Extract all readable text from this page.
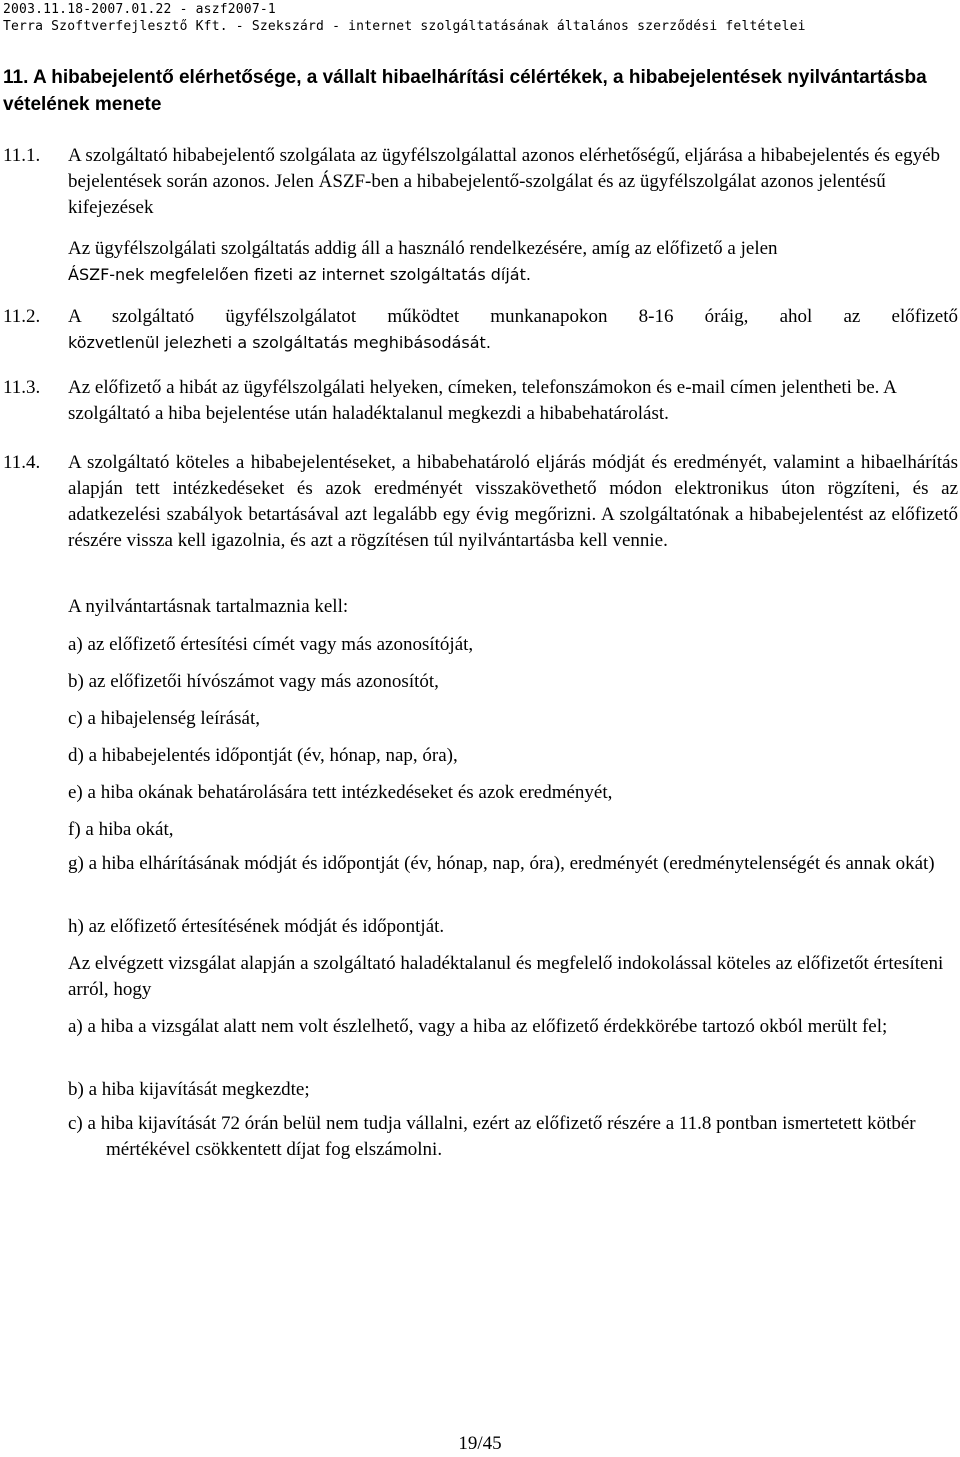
2003.11.18-2007.01.22 - aszf2007-1
Terra Szoftverfejlesztő Kft. - Szekszárd - internet szolgáltatásának általános szerződési feltételei
11. A hibabejelentő elérhetősége, a vállalt hibaelhárítási célértékek, a hibabejelentések nyilvántartásba vételének menete
11.1. A szolgáltató hibabejelentő szolgálata az ügyfélszolgálattal azonos elérhetőségű, eljárása a hibabejelentés és egyéb bejelentések során azonos. Jelen ÁSZF-ben a hibabejelentő-szolgálat és az ügyfélszolgálat azonos jelentésű kifejezések
Az ügyfélszolgálati szolgáltatás addig áll a használó rendelkezésére, amíg az előfizető a jelen
ÁSZF-nek megfelelően fizeti az internet szolgáltatás díját.
11.2. A szolgáltató ügyfélszolgálatot működtet munkanapokon 8-16 óráig, ahol az előfizető
közvetlenül jelezheti a szolgáltatás meghibásodását.
11.3. Az előfizető a hibát az ügyfélszolgálati helyeken, címeken, telefonszámokon és e-mail címen jelentheti be. A szolgáltató a hiba bejelentése után haladéktalanul megkezdi a hibabehatárolást.
11.4. A szolgáltató köteles a hibabejelentéseket, a hibabehatároló eljárás módját és eredményét, valamint a hibaelhárítás alapján tett intézkedéseket és azok eredményét visszakövethető módon elektronikus úton rögzíteni, és az adatkezelési szabályok betartásával azt legalább egy évig megőrizni. A szolgáltatónak a hibabejelentést az előfizető részére vissza kell igazolnia, és azt a rögzítésen túl nyilvántartásba kell vennie.
A nyilvántartásnak tartalmaznia kell:
a) az előfizető értesítési címét vagy más azonosítóját,
b) az előfizetői hívószámot vagy más azonosítót,
c) a hibajelenség leírását,
d) a hibabejelentés időpontját (év, hónap, nap, óra),
e) a hiba okának behatárolására tett intézkedéseket és azok eredményét,
f) a hiba okát,
g) a hiba elhárításának módját és időpontját (év, hónap, nap, óra), eredményét (eredménytelenségét és annak okát)
h) az előfizető értesítésének módját és időpontját.
Az elvégzett vizsgálat alapján a szolgáltató haladéktalanul és megfelelő indokolással köteles az előfizetőt értesíteni arról, hogy
a) a hiba a vizsgálat alatt nem volt észlelhető, vagy a hiba az előfizető érdekkörébe tartozó okból merült fel;
b) a hiba kijavítását megkezdte;
c) a hiba kijavítását 72 órán belül nem tudja vállalni, ezért az előfizető részére a 11.8 pontban ismertetett kötbér mértékével csökkentett díjat fog elszámolni.
19/45
